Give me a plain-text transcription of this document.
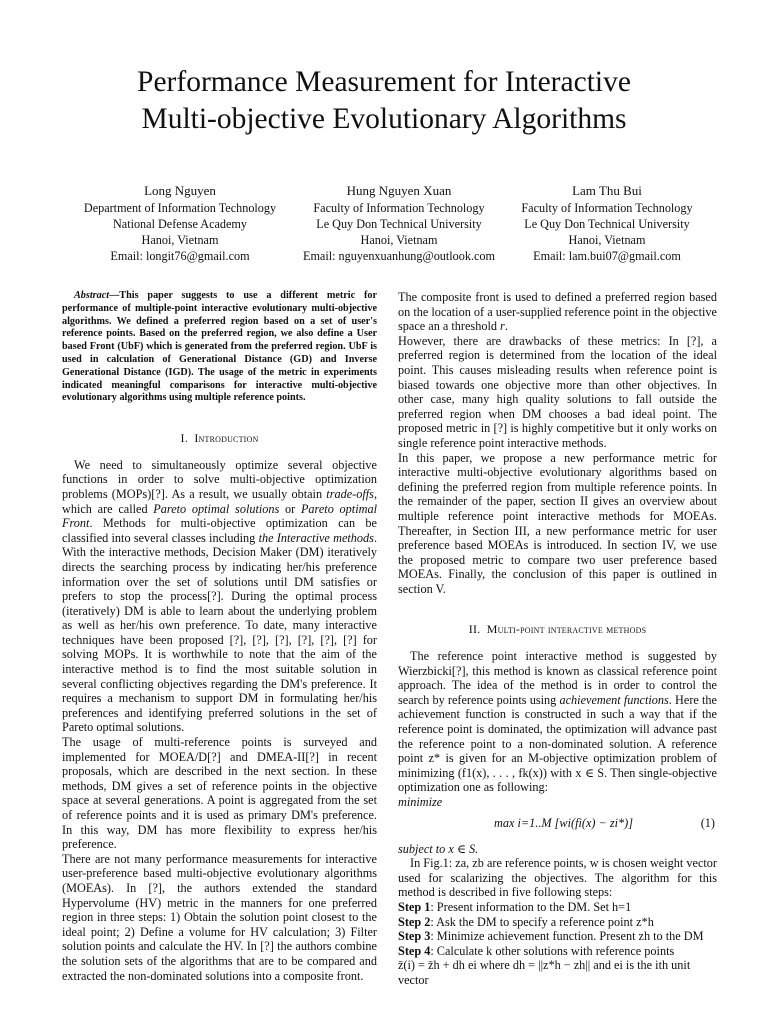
Performance Measurement for Interactive
Multi-objective Evolutionary Algorithms
Long Nguyen
Department of Information Technology
National Defense Academy
Hanoi, Vietnam
Email: longit76@gmail.com
Hung Nguyen Xuan
Faculty of Information Technology
Le Quy Don Technical University
Hanoi, Vietnam
Email: nguyenxuanhung@outlook.com
Lam Thu Bui
Faculty of Information Technology
Le Quy Don Technical University
Hanoi, Vietnam
Email: lam.bui07@gmail.com

Abstract—This paper suggests to use a different metric for performance of multiple-point interactive evolutionary multi-objective algorithms. We defined a preferred region based on a set of user's reference points. Based on the preferred region, we also define a User based Front (UbF) which is generated from the preferred region. UbF is used in calculation of Generational Distance (GD) and Inverse Generational Distance (IGD). The usage of the metric in experiments indicated meaningful comparisons for interactive multi-objective evolutionary algorithms using multiple reference points.

I. Introduction

We need to simultaneously optimize several objective functions in order to solve multi-objective optimization problems (MOPs)[?]. As a result, we usually obtain trade-offs, which are called Pareto optimal solutions or Pareto optimal Front. Methods for multi-objective optimization can be classified into several classes including the Interactive methods. With the interactive methods, Decision Maker (DM) iteratively directs the searching process by indicating her/his preference information over the set of solutions until DM satisfies or prefers to stop the process[?]. During the optimal process (iteratively) DM is able to learn about the underlying problem as well as her/his own preference. To date, many interactive techniques have been proposed [?], [?], [?], [?], [?], [?] for solving MOPs. It is worthwhile to note that the aim of the interactive method is to find the most suitable solution in several conflicting objectives regarding the DM's preference. It requires a mechanism to support DM in formulating her/his preferences and identifying preferred solutions in the set of Pareto optimal solutions.

The usage of multi-reference points is surveyed and implemented for MOEA/D[?] and DMEA-II[?] in recent proposals, which are described in the next section. In these methods, DM gives a set of reference points in the objective space at several generations. A point is aggregated from the set of reference points and it is used as primary DM's preference. In this way, DM has more flexibility to express her/his preference.

There are not many performance measurements for interactive user-preference based multi-objective evolutionary algorithms (MOEAs). In [?], the authors extended the standard Hypervolume (HV) metric in the manners for one preferred region in three steps: 1) Obtain the solution point closest to the ideal point; 2) Define a volume for HV calculation; 3) Filter solution points and calculate the HV. In [?] the authors combine the solution sets of the algorithms that are to be compared and extracted the non-dominated solutions into a composite front.

The composite front is used to defined a preferred region based on the location of a user-supplied reference point in the objective space an a threshold r.

However, there are drawbacks of these metrics: In [?], a preferred region is determined from the location of the ideal point. This causes misleading results when reference point is biased towards one objective more than other objectives. In other case, many high quality solutions to fall outside the preferred region when DM chooses a bad ideal point. The proposed metric in [?] is highly competitive but it only works on single reference point interactive methods.

In this paper, we propose a new performance metric for interactive multi-objective evolutionary algorithms based on defining the preferred region from multiple reference points. In the remainder of the paper, section II gives an overview about multiple reference point interactive methods for MOEAs. Thereafter, in Section III, a new performance metric for user preference based MOEAs is introduced. In section IV, we use the proposed metric to compare two user preference based MOEAs. Finally, the conclusion of this paper is outlined in section V.

II. Multi-point interactive methods

The reference point interactive method is suggested by Wierzbicki[?], this method is known as classical reference point approach. The idea of the method is in order to control the search by reference points using achievement functions. Here the achievement function is constructed in such a way that if the reference point is dominated, the optimization will advance past the reference point to a non-dominated solution. A reference point z* is given for an M-objective optimization problem of minimizing (f1(x), . . . , fk(x)) with x ∈ S. Then single-objective optimization one as following:

minimize
max i=1..M [wi(fi(x) − zi*)]	(1)
subject to x ∈ S.

In Fig.1: za, zb are reference points, w is chosen weight vector used for scalarizing the objectives. The algorithm for this method is described in five following steps:

Step 1: Present information to the DM. Set h=1
Step 2: Ask the DM to specify a reference point z*h
Step 3: Minimize achievement function. Present zh to the DM
Step 4: Calculate k other solutions with reference points
z̄(i) = z̄h + dh ei where dh = ||z*h − zh|| and ei is the ith unit
vector
